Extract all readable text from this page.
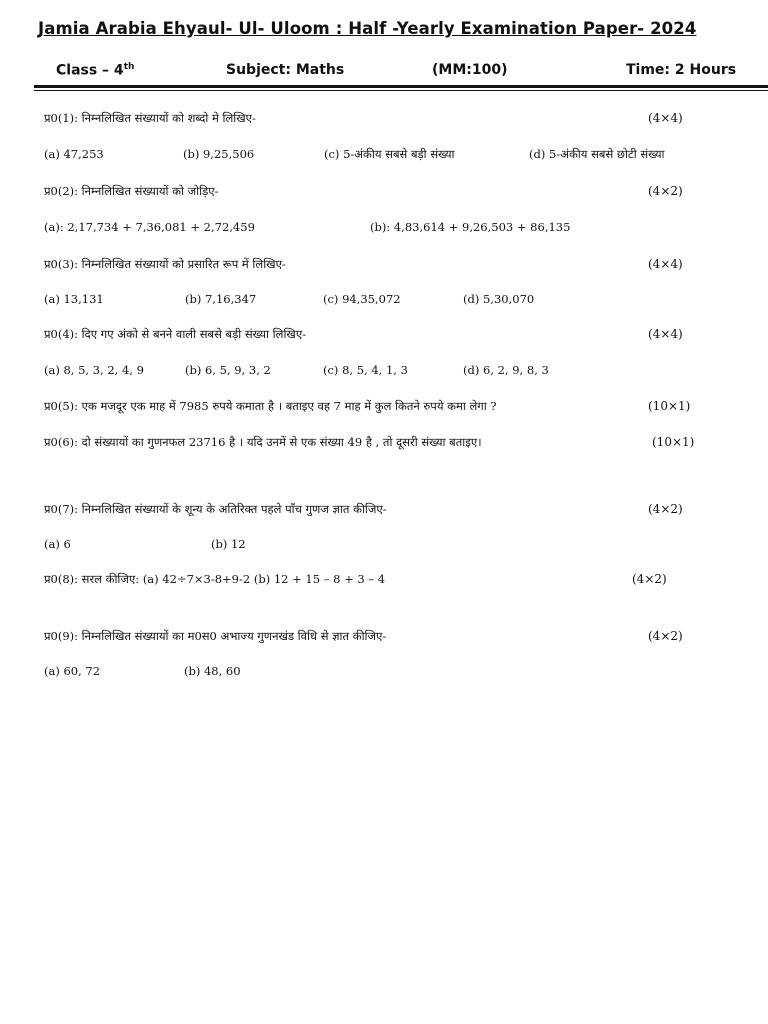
Jamia Arabia Ehyaul- Ul- Uloom : Half -Yearly Examination Paper- 2024
Class – 4th	Subject: Maths	(MM:100)	Time: 2 Hours
प्र0(1): निम्नलिखित संख्यायों को शब्दो मे लिखिए-	(4×4)
(a) 47,253	(b) 9,25,506	(c) 5-अंकीय सबसे बड़ी संख्या	(d) 5-अंकीय सबसे छोटी संख्या
प्र0(2): निम्नलिखित संख्यायों को जोड़िए-	(4×2)
(a): 2,17,734 + 7,36,081 + 2,72,459	(b): 4,83,614 + 9,26,503 + 86,135
प्र0(3): निम्नलिखित संख्यायों को प्रसारित रूप में लिखिए-	(4×4)
(a) 13,131	(b) 7,16,347	(c) 94,35,072	(d) 5,30,070
प्र0(4): दिए गए अंको से बनने वाली सबसे बड़ी संख्या लिखिए-	(4×4)
(a) 8, 5, 3, 2, 4, 9	(b) 6, 5, 9, 3, 2	(c) 8, 5, 4, 1, 3	(d) 6, 2, 9, 8, 3
प्र0(5): एक मजदूर एक माह में 7985 रुपये कमाता है । बताइए वह 7 माह में कुल कितने रुपये कमा लेगा ?	(10×1)
प्र0(6): दो संख्यायों का गुणनफल 23716 है । यदि उनमें से एक संख्या 49 है , तो दूसरी संख्या बताइए।	(10×1)
प्र0(7): निम्नलिखित संख्यायों के शून्य के अतिरिक्त पहले पाँच गुणज ज्ञात कीजिए-	(4×2)
(a) 6	(b) 12
प्र0(8): सरल कीजिए: (a) 42÷7×3-8+9-2 (b) 12 + 15 – 8 + 3 – 4	(4×2)
प्र0(9): निम्नलिखित संख्यायों का म0स0 अभाज्य गुणनखंड विधि से ज्ञात कीजिए-	(4×2)
(a) 60, 72	(b) 48, 60
